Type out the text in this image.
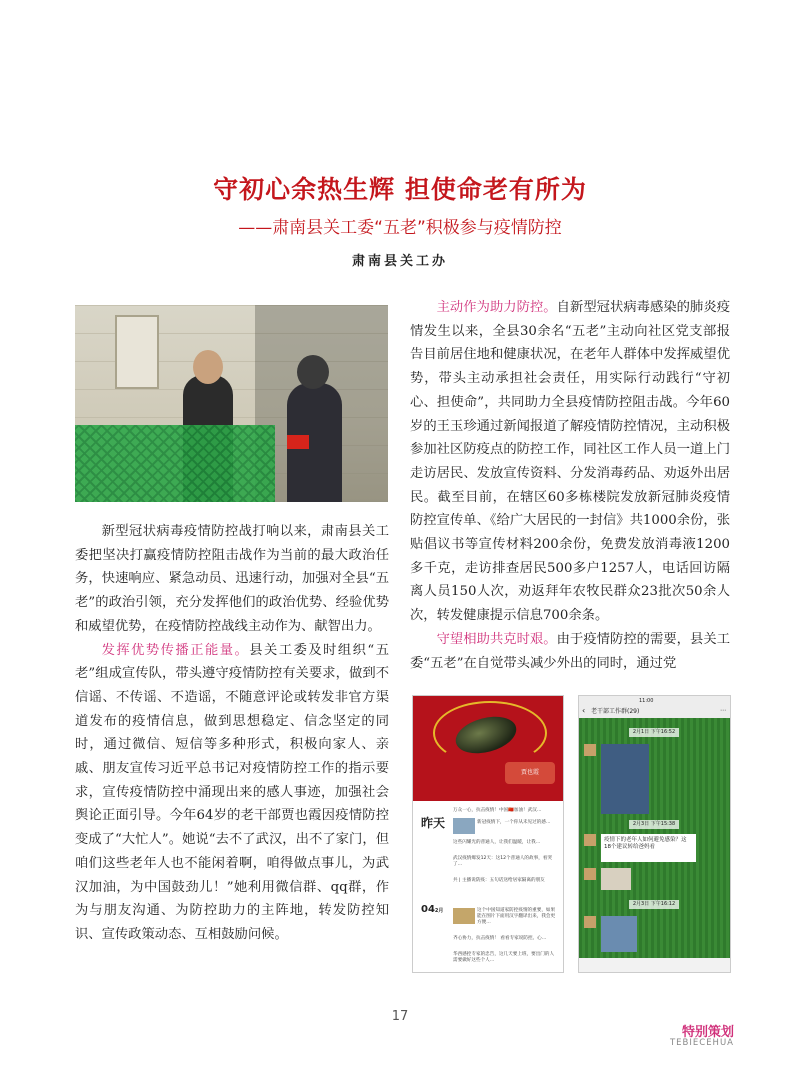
守初心余热生辉 担使命老有所为
——肃南县关工委“五老”积极参与疫情防控
肃南县关工办

新型冠状病毒疫情防控战打响以来，肃南县关工委把坚决打赢疫情防控阻击战作为当前的最大政治任务，快速响应、紧急动员、迅速行动，加强对全县“五老”的政治引领，充分发挥他们的政治优势、经验优势和威望优势，在疫情防控战线主动作为、献智出力。

发挥优势传播正能量。县关工委及时组织“五老”组成宣传队，带头遵守疫情防控有关要求，做到不信谣、不传谣、不造谣，不随意评论或转发非官方渠道发布的疫情信息，做到思想稳定、信念坚定的同时，通过微信、短信等多种形式，积极向家人、亲戚、朋友宣传习近平总书记对疫情防控工作的指示要求，宣传疫情防控中涌现出来的感人事迹，加强社会舆论正面引导。今年64岁的老干部贾也霞因疫情防控变成了“大忙人”。她说“去不了武汉，出不了家门，但咱们这些老年人也不能闲着啊，咱得做点事儿，为武汉加油，为中国鼓劲儿！”她利用微信群、qq群，作为与朋友沟通、为防控助力的主阵地，转发防控知识、宣传政策动态、互相鼓励问候。

主动作为助力防控。自新型冠状病毒感染的肺炎疫情发生以来，全县30余名“五老”主动向社区党支部报告目前居住地和健康状况，在老年人群体中发挥威望优势，带头主动承担社会责任，用实际行动践行“守初心、担使命”，共同助力全县疫情防控阻击战。今年60岁的王玉珍通过新闻报道了解疫情防控情况，主动积极参加社区防疫点的防控工作，同社区工作人员一道上门走访居民、发放宣传资料、分发消毒药品、劝返外出居民。截至目前，在辖区60多栋楼院发放新冠肺炎疫情防控宣传单、《给广大居民的一封信》共1000余份，张贴倡议书等宣传材料200余份，免费发放消毒液1200多千克，走访排查居民500多户1257人，电话回访隔离人员150人次，劝返拜年农牧民群众23批次50余人次，转发健康提示信息700余条。

守望相助共克时艰。由于疫情防控的需要，县关工委“五老”在自觉带头减少外出的同时，通过党

贾也霞
昨天
042月
万众一心，抗击疫情！中国🇨🇳加油！武汉…
新冠疫情下，一个你从未见过的感…
这些闪耀光的普通人，让我们温暖，让我…
武汉疫情爆发12天：这12个普通人的故事，看哭了…
共 | 主播说防疫：五句话送给居家隔离的朋友
这个中国知道家防控疫情的重要，如果能在图片下面用汉字翻译出来，我会更方便…
齐心协力，抗击疫情！ 看看专家说防控、心…
华西感控专家的忠告，这几天要上班，要出门的人需要做好这些个人…
11:00
‹ 老干部工作群(29)	⋯
2月1日 下午16:52
2月3日 下午15:38
疫情下的老年人如何避免感染？这18个建议转给爸妈看
2月3日 下午16:12
17
特别策划
TEBIECEHUA
